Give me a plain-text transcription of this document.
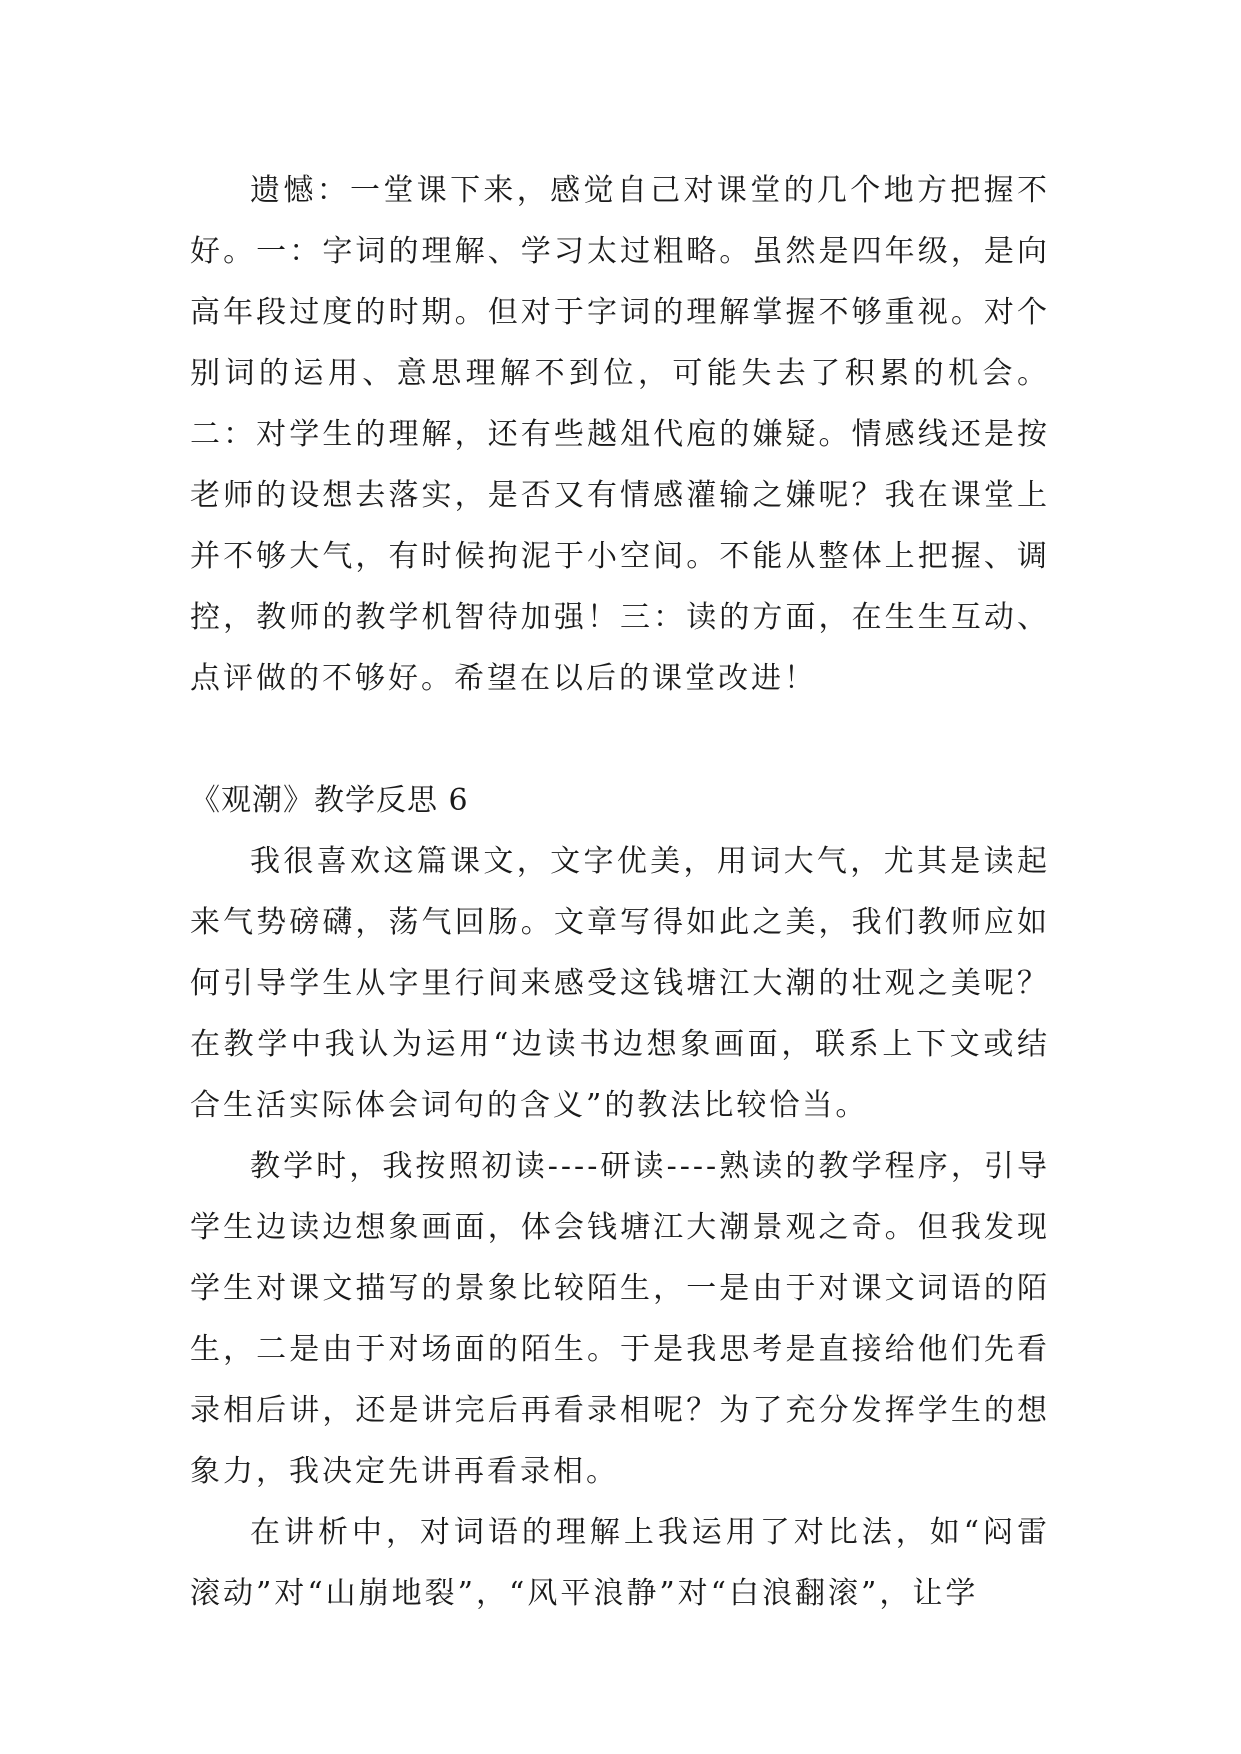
遗憾：一堂课下来，感觉自己对课堂的几个地方把握不好。一：字词的理解、学习太过粗略。虽然是四年级，是向高年段过度的时期。但对于字词的理解掌握不够重视。对个别词的运用、意思理解不到位，可能失去了积累的机会。二：对学生的理解，还有些越俎代庖的嫌疑。情感线还是按老师的设想去落实，是否又有情感灌输之嫌呢？我在课堂上并不够大气，有时候拘泥于小空间。不能从整体上把握、调控，教师的教学机智待加强！三：读的方面，在生生互动、点评做的不够好。希望在以后的课堂改进！

《观潮》教学反思 6

我很喜欢这篇课文，文字优美，用词大气，尤其是读起来气势磅礴，荡气回肠。文章写得如此之美，我们教师应如何引导学生从字里行间来感受这钱塘江大潮的壮观之美呢？在教学中我认为运用“边读书边想象画面，联系上下文或结合生活实际体会词句的含义”的教法比较恰当。

教学时，我按照初读----研读----熟读的教学程序，引导学生边读边想象画面，体会钱塘江大潮景观之奇。但我发现学生对课文描写的景象比较陌生，一是由于对课文词语的陌生，二是由于对场面的陌生。于是我思考是直接给他们先看录相后讲，还是讲完后再看录相呢？为了充分发挥学生的想象力，我决定先讲再看录相。

在讲析中，对词语的理解上我运用了对比法，如“闷雷滚动”对“山崩地裂”，“风平浪静”对“白浪翻滚”，让学
